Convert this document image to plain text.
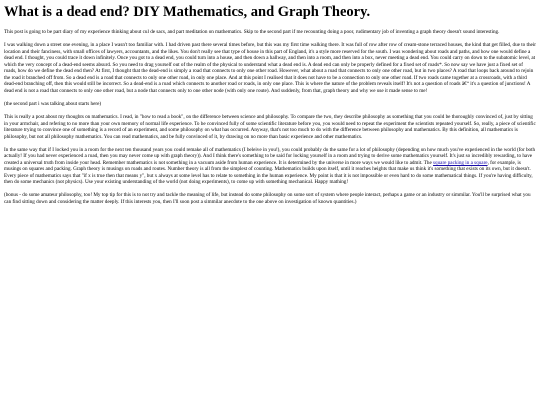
What is a dead end? DIY Mathematics, and Graph Theory.

This post is going to be part diary of my experience thinking about cul de sacs, and part meditation on mathematics. Skip to the second part if me recounting doing a poor, rudimentary job of inventing a graph theory doesn't sound interesting.

I was walking down a street one evening, in a place I wasn't too familiar with. I had driven past there several times before, but this was my first time walking there. It was full of row after row of cream-stone terraced houses, the kind that get filled, due to their location and their fanciness, with small offices of lawyers, accountants, and the likes. You don't really see that type of house in this part of England, it's a style more reserved for the south. I was wondering about roads and paths, and how one would define a dead end. I thought, you could trace it down infinitely. Once you got to a dead end, you could turn into a house, and then down a hallway, and then into a room, and then into a box, never meeting a dead end. You could carry on down to the subatomic level, at which the very concept of a dead-end seems absurd. So you need to drag yourself out of the realm of the physical to understand what a dead end is. A dead end can only be properly defined for a fixed set of roads*. So now say we have just a fixed set of roads, how do we define the dead end then? At first, I thought that the dead-end is simply a road that connects to only one other road. However, what about a road that connects to only one other road, but in two places? A road that loops back around to rejoin the road it branched off from. So a dead end is a road that connects to only one other road, in only one place. And at this point I realised that it does not have to be a connection to only one other road. If two roads came together at a crossroads, with a third dead-end branching off, then this would still be incorrect. So a dead-end is a road which connects to another road or roads, in only one place. This is where the nature of the problem reveals itself! It's not a question of roads â€“ it's a question of junctions! A dead end is not a road that connects to only one other road, but a node that connects only to one other node (with only one route). And suddenly, from that, graph theory and why we use it made sense to me!

(the second part i was talking about starts here)

This is really a post about my thoughts on mathematics. I read, in "how to read a book", on the difference between science and philosophy. To compare the two, they describe philosophy as something that you could be thoroughly convinced of, just by sitting in your armchair, and refering to no more than your own memory of normal life experience. To be convinced fully of some scientific literature before you, you would need to repeat the experiment the scientists repeated yourself. So, really, a piece of scientific literature trying to convince one of something is a record of an experiment, and some philosophy on what has occurred. Anyway, that's not too much to do with the difference between philosophy and mathematics. By this definition, all mathematics is philosophy, but not all philosophy mathematics. You can read mathematics, and be fully convinced of it, by drawing on no more than basic experience and other mathematics.

In the same way that if I locked you in a room for the next ten thousand years you could remake all of mathematics (I beleive in you!), you could probably do the same for a lot of philosophy (depending on how much you've experienced in the world (for both actually! If you had never experienced a road, then you may never come up with graph theory)). And I think there's something to be said for locking yourself in a room and trying to derive some mathematics yourself. It's just so incredibly rewarding, to have created a universal truth from inside your head. Remember mathematics is not something in a vacuum aside from human experience. It is determined by the universe in more ways we would like to admit. The square packing in a square, for example, is musings on squares and packing. Graph theory is musings on roads and routes. Number theory is all from the simplest of counting. Mathematics builds upon itself, until it reaches heights that make us think it's something that exists on its own, but it doesn't. Every piece of mathematics says that "if x is true then that means y", but x always at some level has to relate to something in the human experience. My point is that it is not impossible or even hard to do some mathematical things. If you're having difficulty, then do some mechanics (not physics). Use your existing understanding of the world (not doing experiments), to come up with something mechanical. Happy mathing!

(bonus - do some amateur philosophy, too! My top tip for this is to not try and tackle the meaning of life, but instead do some philosophy on some sort of system where people interact, perhaps a game or an industry or simmilar. You'll be surprised what you can find sitting down and considering the matter deeply. If this interests you, then I'll soon post a simmilar anecdote to the one above on investigation of known quantities.)
